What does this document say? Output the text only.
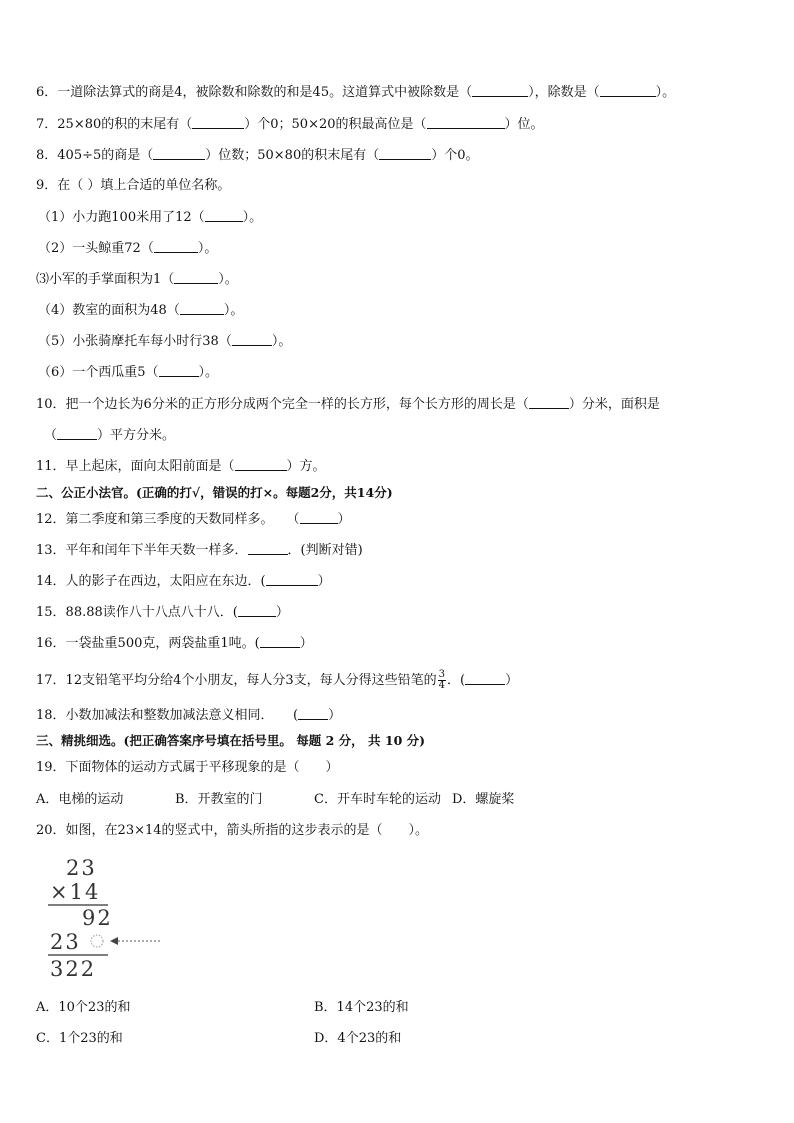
6．一道除法算式的商是4，被除数和除数的和是45。这道算式中被除数是（	），除数是（	）。
7．25×80的积的末尾有（	）个0；50×20的积最高位是（	）位。
8．405÷5的商是（	）位数；50×80的积末尾有（	）个0。
9．在（ ）填上合适的单位名称。
（1）小力跑100米用了12（	）。
（2）一头鲸重72（	）。
⑶小军的手掌面积为1（	）。
（4）教室的面积为48（	）。
（5）小张骑摩托车每小时行38（	）。
（6）一个西瓜重5（	）。
10．把一个边长为6分米的正方形分成两个完全一样的长方形，每个长方形的周长是（	）分米，面积是
（	）平方分米。
11．早上起床，面向太阳前面是（	）方。
二、公正小法官。(正确的打√，错误的打×。每题2分，共14分)
12．第二季度和第三季度的天数同样多。　　（	）
13．平年和闰年下半年天数一样多．	．(判断对错)
14．人的影子在西边，太阳应在东边．(	）
15．88.88读作八十八点八十八．(	）
16．一袋盐重500克，两袋盐重1吨。(	）
17．12支铅笔平均分给4个小朋友，每人分3支，每人分得这些铅笔的 $\frac{3}{4}$ ．(	）
18．小数加减法和整数加减法意义相同．　　( ）
三、精挑细选。(把正确答案序号填在括号里。 每题 2 分， 共 10 分)
19．下面物体的运动方式属于平移现象的是（　　）
A．电梯的运动	B．开教室的门	C．开车时车轮的运动 D．螺旋桨
20．如图，在23×14的竖式中，箭头所指的这步表示的是（　　）。
23
×14
92
23
322
A．10个23的和	B．14个23的和
C．1个23的和	D．4个23的和
